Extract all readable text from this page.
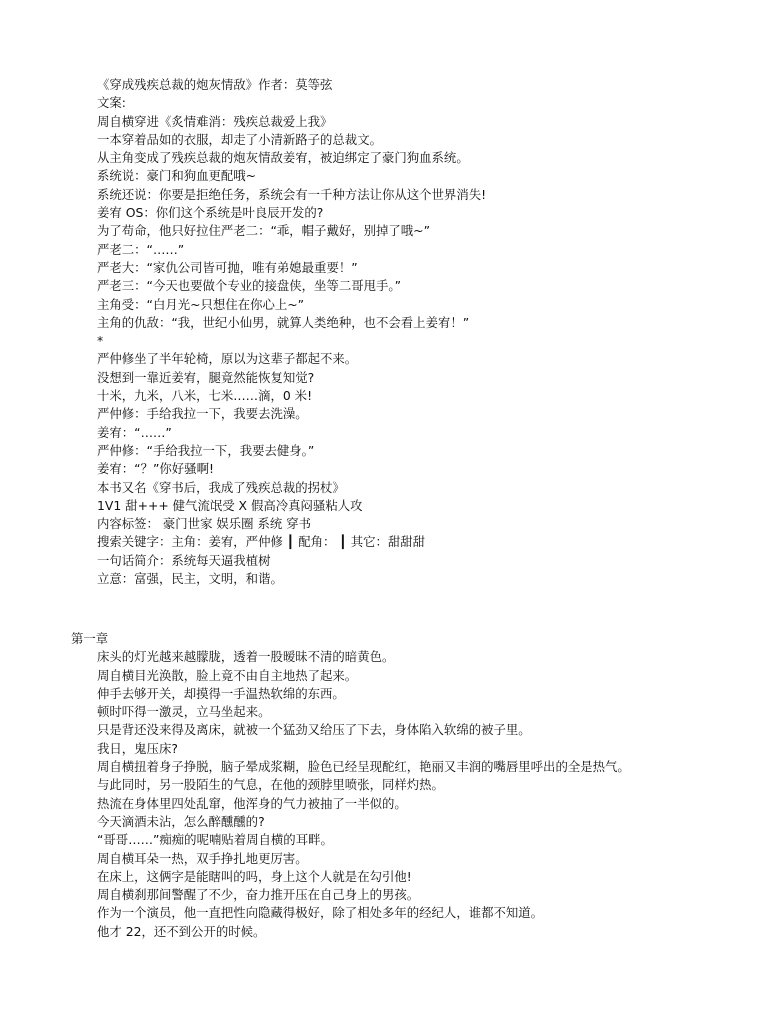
《穿成残疾总裁的炮灰情敌》作者：莫等弦
文案:
周自横穿进《炙情难消：残疾总裁爱上我》
一本穿着品如的衣服，却走了小清新路子的总裁文。
从主角变成了残疾总裁的炮灰情敌姜宥，被迫绑定了豪门狗血系统。
系统说：豪门和狗血更配哦~
系统还说：你要是拒绝任务，系统会有一千种方法让你从这个世界消失!
姜宥 OS：你们这个系统是叶良辰开发的?
为了苟命，他只好拉住严老二：“乖，帽子戴好，别掉了哦~”
严老二：“……”
严老大：“家仇公司皆可抛，唯有弟媳最重要！”
严老三：“今天也要做个专业的接盘侠，坐等二哥甩手。”
主角受：“白月光~只想住在你心上~”
主角的仇敌：“我，世纪小仙男，就算人类绝种，也不会看上姜宥！”
*
严仲修坐了半年轮椅，原以为这辈子都起不来。
没想到一靠近姜宥，腿竟然能恢复知觉?
十米，九米，八米，七米……滴，0 米!
严仲修：手给我拉一下，我要去洗澡。
姜宥：“……”
严仲修：“手给我拉一下，我要去健身。”
姜宥：“？”你好骚啊!
本书又名《穿书后，我成了残疾总裁的拐杖》
1V1 甜+++ 健气流氓受 X 假高冷真闷骚粘人攻
内容标签： 豪门世家 娱乐圈 系统 穿书
搜索关键字：主角：姜宥，严仲修 ┃ 配角： ┃ 其它：甜甜甜
一句话简介：系统每天逼我植树
立意：富强，民主，文明，和谐。
第一章
床头的灯光越来越朦胧，透着一股暧昧不清的暗黄色。
周自横目光涣散，脸上竟不由自主地热了起来。
伸手去够开关，却摸得一手温热软绵的东西。
顿时吓得一激灵，立马坐起来。
只是背还没来得及离床，就被一个猛劲又给压了下去，身体陷入软绵的被子里。
我日，鬼压床?
周自横扭着身子挣脱，脑子晕成浆糊，脸色已经呈现酡红，艳丽又丰润的嘴唇里呼出的全是热气。
与此同时，另一股陌生的气息，在他的颈脖里喷张，同样灼热。
热流在身体里四处乱窜，他浑身的气力被抽了一半似的。
今天滴酒未沾，怎么醉醺醺的?
“哥哥……”痴痴的呢喃贴着周自横的耳畔。
周自横耳朵一热，双手挣扎地更厉害。
在床上，这俩字是能瞎叫的吗，身上这个人就是在勾引他!
周自横刹那间警醒了不少，奋力推开压在自己身上的男孩。
作为一个演员，他一直把性向隐藏得极好，除了相处多年的经纪人，谁都不知道。
他才 22，还不到公开的时候。
